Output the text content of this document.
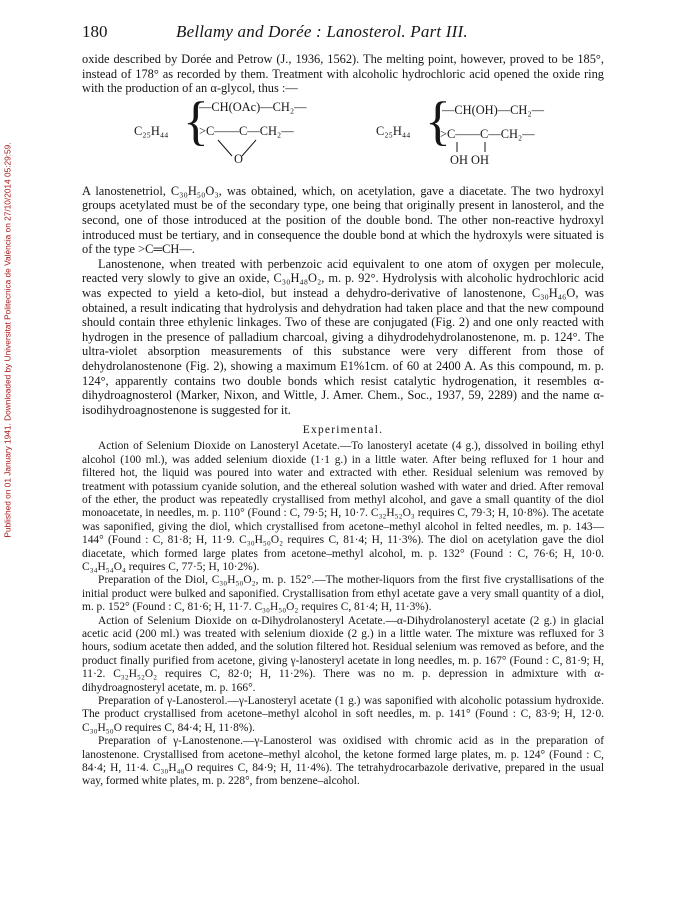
Published on 01 January 1941. Downloaded by Universitat Politecnica de València on 27/10/2014 05:29:59.
180	Bellamy and Dorée : Lanosterol. Part III.

oxide described by Dorée and Petrow (J., 1936, 1562). The melting point, however, proved to be 185°, instead of 178° as recorded by them. Treatment with alcoholic hydrochloric acid opened the oxide ring with the production of an α-glycol, thus :—

C₂₅H₄₄ {
—CH(OAc)—CH₂—
>C——C—CH₂—
O
C₂₅H₄₄ {
—CH(OH)—CH₂—
>C——C—CH₂—
OH OH

A lanostenetriol, C₃₀H₅₀O₃, was obtained, which, on acetylation, gave a diacetate. The two hydroxyl groups acetylated must be of the secondary type, one being that originally present in lanosterol, and the second, one of those introduced at the position of the double bond. The other non-reactive hydroxyl introduced must be tertiary, and in consequence the double bond at which the hydroxyls were situated is of the type >C═CH—.

Lanostenone, when treated with perbenzoic acid equivalent to one atom of oxygen per molecule, reacted very slowly to give an oxide, C₃₀H₄₈O₂, m. p. 92°. Hydrolysis with alcoholic hydrochloric acid was expected to yield a keto-diol, but instead a dehydro-derivative of lanostenone, C₃₀H₄₆O, was obtained, a result indicating that hydrolysis and dehydration had taken place and that the new compound should contain three ethylenic linkages. Two of these are conjugated (Fig. 2) and one only reacted with hydrogen in the presence of palladium charcoal, giving a dihydrodehydrolanostenone, m. p. 124°. The ultra-violet absorption measurements of this substance were very different from those of dehydrolanostenone (Fig. 2), showing a maximum E1%1cm. of 60 at 2400 A. As this compound, m. p. 124°, apparently contains two double bonds which resist catalytic hydrogenation, it resembles α-dihydroagnosterol (Marker, Nixon, and Wittle, J. Amer. Chem., Soc., 1937, 59, 2289) and the name α-isodihydroagnostenone is suggested for it.

Experimental.

Action of Selenium Dioxide on Lanosteryl Acetate.—To lanosteryl acetate (4 g.), dissolved in boiling ethyl alcohol (100 ml.), was added selenium dioxide (1·1 g.) in a little water. After being refluxed for 1 hour and filtered hot, the liquid was poured into water and extracted with ether. Residual selenium was removed by treatment with potassium cyanide solution, and the ethereal solution washed with water and dried. After removal of the ether, the product was repeatedly crystallised from methyl alcohol, and gave a small quantity of the diol monoacetate, in needles, m. p. 110° (Found : C, 79·5; H, 10·7. C₃₂H₅₂O₃ requires C, 79·3; H, 10·8%). The acetate was saponified, giving the diol, which crystallised from acetone–methyl alcohol in felted needles, m. p. 143—144° (Found : C, 81·8; H, 11·9. C₃₀H₅₀O₂ requires C, 81·4; H, 11·3%). The diol on acetylation gave the diol diacetate, which formed large plates from acetone–methyl alcohol, m. p. 132° (Found : C, 76·6; H, 10·0. C₃₄H₅₄O₄ requires C, 77·5; H, 10·2%).

Preparation of the Diol, C₃₀H₅₀O₂, m. p. 152°.—The mother-liquors from the first five crystallisations of the initial product were bulked and saponified. Crystallisation from ethyl acetate gave a very small quantity of a diol, m. p. 152° (Found : C, 81·6; H, 11·7. C₃₀H₅₀O₂ requires C, 81·4; H, 11·3%).

Action of Selenium Dioxide on α-Dihydrolanosteryl Acetate.—α-Dihydrolanosteryl acetate (2 g.) in glacial acetic acid (200 ml.) was treated with selenium dioxide (2 g.) in a little water. The mixture was refluxed for 3 hours, sodium acetate then added, and the solution filtered hot. Residual selenium was removed as before, and the product finally purified from acetone, giving γ-lanosteryl acetate in long needles, m. p. 167° (Found : C, 81·9; H, 11·2. C₃₂H₅₂O₂ requires C, 82·0; H, 11·2%). There was no m. p. depression in admixture with α-dihydroagnosteryl acetate, m. p. 166°.

Preparation of γ-Lanosterol.—γ-Lanosteryl acetate (1 g.) was saponified with alcoholic potassium hydroxide. The product crystallised from acetone–methyl alcohol in soft needles, m. p. 141° (Found : C, 83·9; H, 12·0. C₃₀H₅₀O requires C, 84·4; H, 11·8%).

Preparation of γ-Lanostenone.—γ-Lanosterol was oxidised with chromic acid as in the preparation of lanostenone. Crystallised from acetone–methyl alcohol, the ketone formed large plates, m. p. 124° (Found : C, 84·4; H, 11·4. C₃₀H₄₈O requires C, 84·9; H, 11·4%). The tetrahydrocarbazole derivative, prepared in the usual way, formed white plates, m. p. 228°, from benzene–alcohol.
